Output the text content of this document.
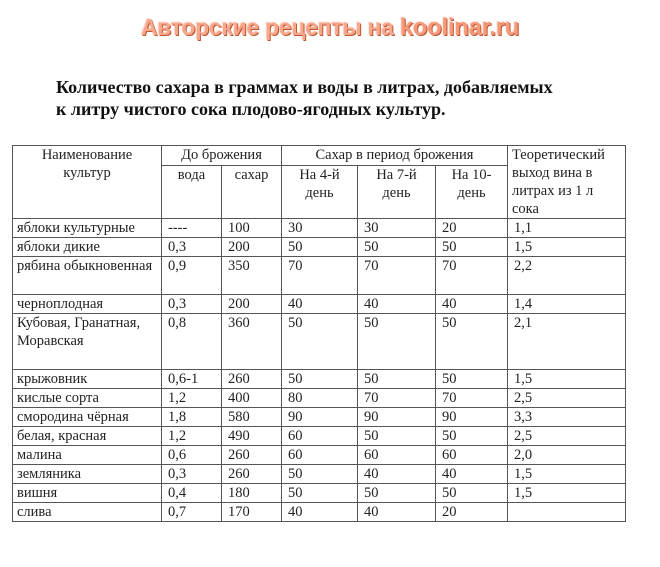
Авторские рецепты на koolinar.ru
Количество сахара в граммах и воды в литрах, добавляемых
к литру чистого сока плодово-ягодных культур.
Наименование культур	До брожения		Сахар в период брожения			Теоретический выход вина в литрах из 1 л сока
	вода	сахар	На 4-й день	На 7-й день	На 10-день	
яблоки культурные	----	100	30	30	20	1,1
яблоки дикие	0,3	200	50	50	50	1,5
рябина обыкновенная	0,9	350	70	70	70	2,2
черноплодная	0,3	200	40	40	40	1,4
Кубовая, Гранатная, Моравская	0,8	360	50	50	50	2,1
крыжовник	0,6-1	260	50	50	50	1,5
кислые сорта	1,2	400	80	70	70	2,5
смородина чёрная	1,8	580	90	90	90	3,3
белая, красная	1,2	490	60	50	50	2,5
малина	0,6	260	60	60	60	2,0
земляника	0,3	260	50	40	40	1,5
вишня	0,4	180	50	50	50	1,5
слива	0,7	170	40	40	20	
